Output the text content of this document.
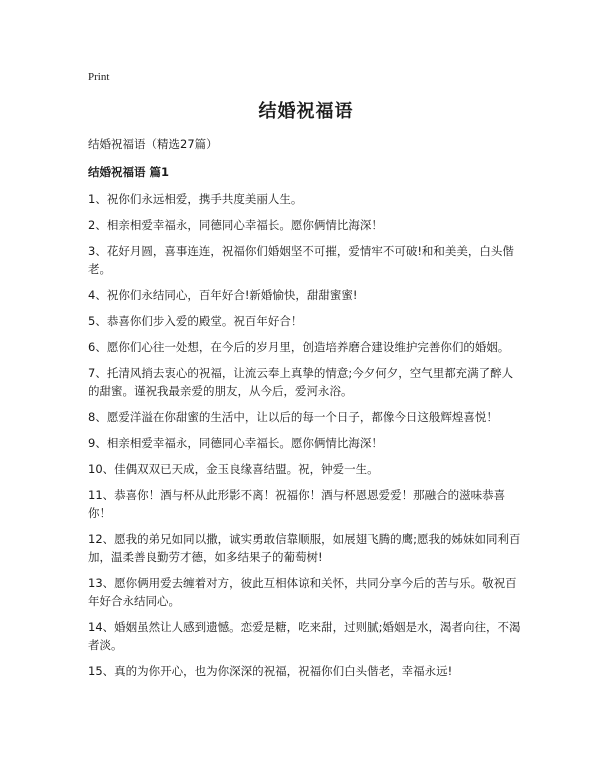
Print

结婚祝福语

结婚祝福语（精选27篇）

结婚祝福语 篇1
1、祝你们永远相爱，携手共度美丽人生。
2、相亲相爱幸福永，同德同心幸福长。愿你俩情比海深！
3、花好月圆，喜事连连，祝福你们婚姻坚不可摧，爱情牢不可破!和和美美，白头偕老。
4、祝你们永结同心，百年好合!新婚愉快，甜甜蜜蜜!
5、恭喜你们步入爱的殿堂。祝百年好合！
6、愿你们心往一处想，在今后的岁月里，创造培养磨合建设维护完善你们的婚姻。
7、托清风捎去衷心的祝福，让流云奉上真挚的情意;今夕何夕，空气里都充满了醉人的甜蜜。谨祝我最亲爱的朋友，从今后，爱河永浴。
8、愿爱洋溢在你甜蜜的生活中，让以后的每一个日子，都像今日这般辉煌喜悦！
9、相亲相爱幸福永，同德同心幸福长。愿你俩情比海深！
10、佳偶双双已天成，金玉良缘喜结盟。祝，钟爱一生。
11、恭喜你！酒与杯从此形影不离！祝福你！酒与杯恩恩爱爱！那融合的滋味恭喜你！
12、愿我的弟兄如同以撒，诚实勇敢信靠顺服，如展翅飞腾的鹰;愿我的姊妹如同利百加，温柔善良勤劳才德，如多结果子的葡萄树!
13、愿你俩用爱去缠着对方，彼此互相体谅和关怀，共同分享今后的苦与乐。敬祝百年好合永结同心。
14、婚姻虽然让人感到遗憾。恋爱是糖，吃来甜，过则腻;婚姻是水，渴者向往，不渴者淡。
15、真的为你开心，也为你深深的祝福，祝福你们白头偕老，幸福永远!
